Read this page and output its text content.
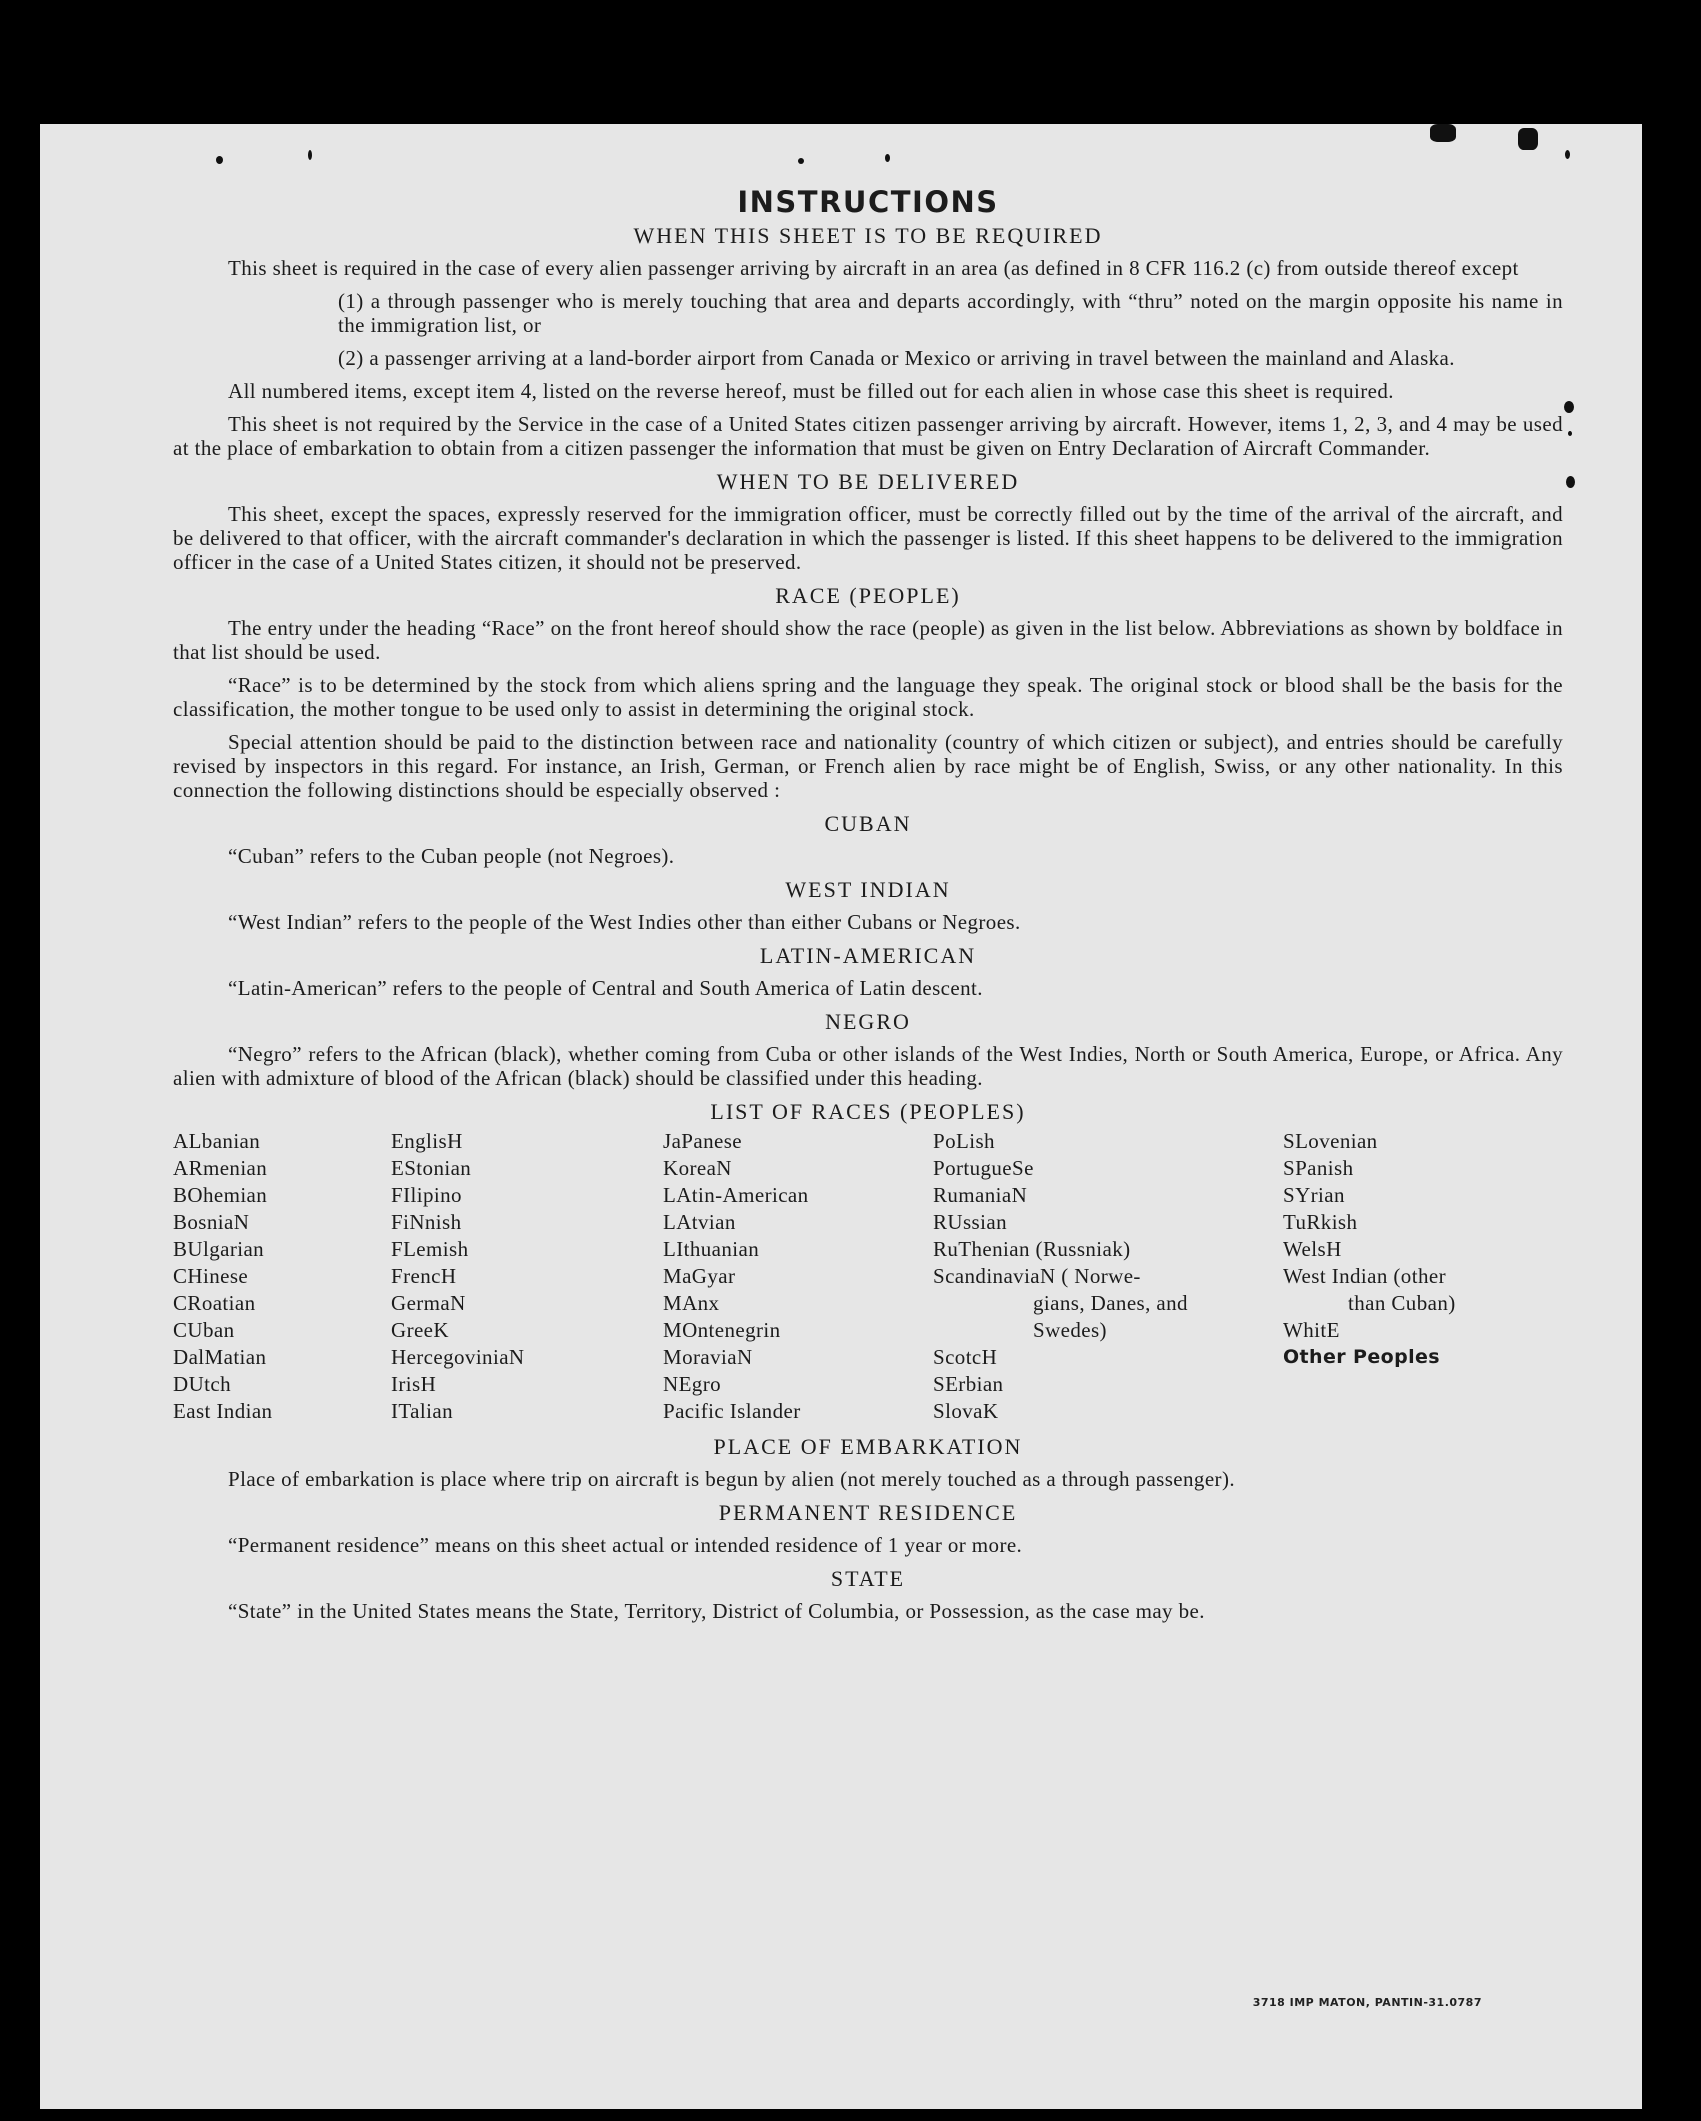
INSTRUCTIONS
WHEN THIS SHEET IS TO BE REQUIRED

This sheet is required in the case of every alien passenger arriving by aircraft in an area (as defined in 8 CFR 116.2 (c) from outside thereof except

(1) a through passenger who is merely touching that area and departs accordingly, with “thru” noted on the margin opposite his name in the immigration list, or

(2) a passenger arriving at a land-border airport from Canada or Mexico or arriving in travel between the mainland and Alaska.

All numbered items, except item 4, listed on the reverse hereof, must be filled out for each alien in whose case this sheet is required.

This sheet is not required by the Service in the case of a United States citizen passenger arriving by aircraft. However, items 1, 2, 3, and 4 may be used at the place of embarkation to obtain from a citizen passenger the information that must be given on Entry Declaration of Aircraft Commander.

WHEN TO BE DELIVERED

This sheet, except the spaces, expressly reserved for the immigration officer, must be correctly filled out by the time of the arrival of the aircraft, and be delivered to that officer, with the aircraft commander's declaration in which the passenger is listed. If this sheet happens to be delivered to the immigration officer in the case of a United States citizen, it should not be preserved.

RACE (PEOPLE)

The entry under the heading “Race” on the front hereof should show the race (people) as given in the list below. Abbreviations as shown by boldface in that list should be used.

“Race” is to be determined by the stock from which aliens spring and the language they speak. The original stock or blood shall be the basis for the classification, the mother tongue to be used only to assist in determining the original stock.

Special attention should be paid to the distinction between race and nationality (country of which citizen or subject), and entries should be carefully revised by inspectors in this regard. For instance, an Irish, German, or French alien by race might be of English, Swiss, or any other nationality. In this connection the following distinctions should be especially observed :

CUBAN

“Cuban” refers to the Cuban people (not Negroes).

WEST INDIAN

“West Indian” refers to the people of the West Indies other than either Cubans or Negroes.

LATIN-AMERICAN

“Latin-American” refers to the people of Central and South America of Latin descent.

NEGRO

“Negro” refers to the African (black), whether coming from Cuba or other islands of the West Indies, North or South America, Europe, or Africa. Any alien with admixture of blood of the African (black) should be classified under this heading.

LIST OF RACES (PEOPLES)
ALbanian
ARmenian
BOhemian
BosniaN
BUlgarian
CHinese
CRoatian
CUban
DalMatian
DUtch
East Indian
EnglisH
EStonian
FIlipino
FiNnish
FLemish
FrencH
GermaN
GreeK
HercegoviniaN
IrisH
ITalian
JaPanese
KoreaN
LAtin-American
LAtvian
LIthuanian
MaGyar
MAnx
MOntenegrin
MoraviaN
NEgro
Pacific Islander
PoLish
PortugueSe
RumaniaN
RUssian
RuThenian (Russniak)
ScandinaviaN ( Norwe-
gians, Danes, and
Swedes)
ScotcH
SErbian
SlovaK
SLovenian
SPanish
SYrian
TuRkish
WelsH
West Indian (other
than Cuban)
WhitE
Other Peoples
PLACE OF EMBARKATION

Place of embarkation is place where trip on aircraft is begun by alien (not merely touched as a through passenger).

PERMANENT RESIDENCE

“Permanent residence” means on this sheet actual or intended residence of 1 year or more.

STATE

“State” in the United States means the State, Territory, District of Columbia, or Possession, as the case may be.

3718 IMP MATON, PANTIN-31.0787
